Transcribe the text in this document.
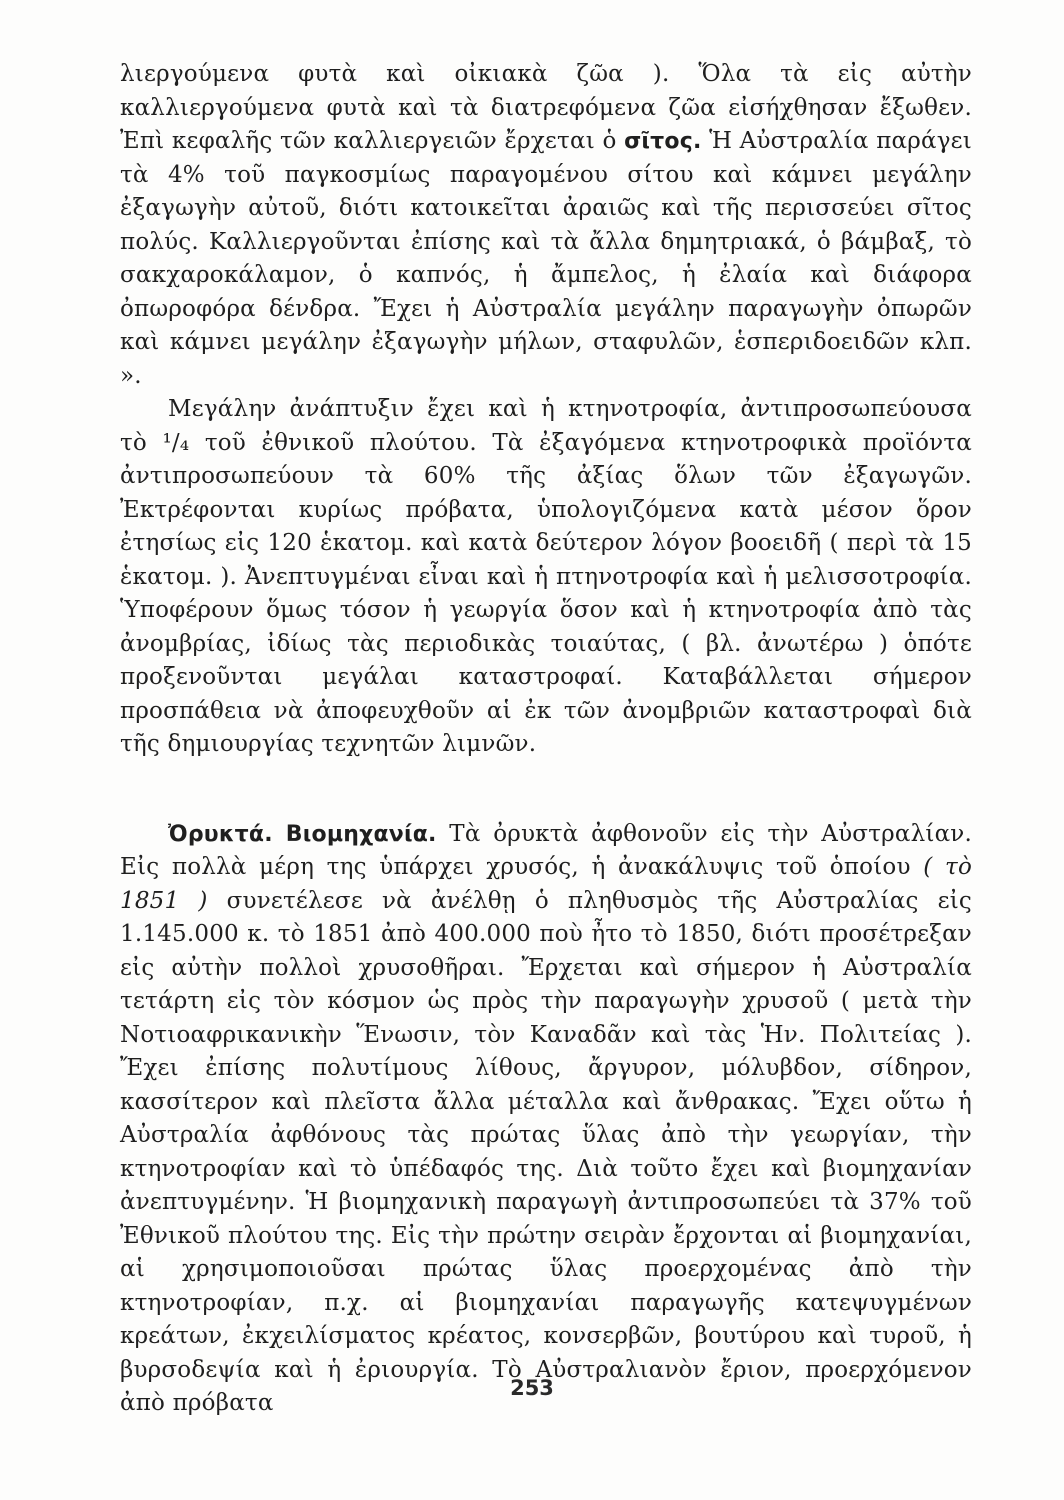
λιεργούμενα φυτὰ καὶ οἰκιακὰ ζῶα ). Ὅλα τὰ εἰς αὐτὴν καλλιεργούμενα φυτὰ καὶ τὰ διατρεφόμενα ζῶα εἰσήχθησαν ἔξωθεν. Ἐπὶ κεφαλῆς τῶν καλλιεργειῶν ἔρχεται ὁ σῖτος. Ἡ Αὐστραλία παράγει τὰ 4% τοῦ παγκοσμίως παραγομένου σίτου καὶ κάμνει μεγάλην ἐξαγωγὴν αὐτοῦ, διότι κατοικεῖται ἀραιῶς καὶ τῆς περισσεύει σῖτος πολύς. Καλλιεργοῦνται ἐπίσης καὶ τὰ ἄλλα δημητριακά, ὁ βάμβαξ, τὸ σακχαροκάλαμον, ὁ καπνός, ἡ ἄμπελος, ἡ ἐλαία καὶ διάφορα ὀπωροφόρα δένδρα. Ἔχει ἡ Αὐστραλία μεγάλην παραγωγὴν ὀπωρῶν καὶ κάμνει μεγάλην ἐξαγωγὴν μήλων, σταφυλῶν, ἑσπεριδοειδῶν κλπ. ».

Μεγάλην ἀνάπτυξιν ἔχει καὶ ἡ κτηνοτροφία, ἀντιπροσωπεύουσα τὸ ¹/₄ τοῦ ἐθνικοῦ πλούτου. Τὰ ἐξαγόμενα κτηνοτροφικὰ προϊόντα ἀντιπροσωπεύουν τὰ 60% τῆς ἀξίας ὅλων τῶν ἐξαγωγῶν. Ἐκτρέφονται κυρίως πρόβατα, ὑπολογιζόμενα κατὰ μέσον ὅρον ἐτησίως εἰς 120 ἑκατομ. καὶ κατὰ δεύτερον λόγον βοοειδῆ ( περὶ τὰ 15 ἑκατομ. ). Ἀνεπτυγμέναι εἶναι καὶ ἡ πτηνοτροφία καὶ ἡ μελισσοτροφία. Ὑποφέρουν ὅμως τόσον ἡ γεωργία ὅσον καὶ ἡ κτηνοτροφία ἀπὸ τὰς ἀνομβρίας, ἰδίως τὰς περιοδικὰς τοιαύτας, ( βλ. ἀνωτέρω ) ὁπότε προξενοῦνται μεγάλαι καταστροφαί. Καταβάλλεται σήμερον προσπάθεια νὰ ἀποφευχθοῦν αἱ ἐκ τῶν ἀνομβριῶν καταστροφαὶ διὰ τῆς δημιουργίας τεχνητῶν λιμνῶν.

Ὀρυκτά. Βιομηχανία. Τὰ ὀρυκτὰ ἀφθονοῦν εἰς τὴν Αὐστραλίαν. Εἰς πολλὰ μέρη της ὑπάρχει χρυσός, ἡ ἀνακάλυψις τοῦ ὁποίου ( τὸ 1851 ) συνετέλεσε νὰ ἀνέλθῃ ὁ πληθυσμὸς τῆς Αὐστραλίας εἰς 1.145.000 κ. τὸ 1851 ἀπὸ 400.000 ποὺ ἦτο τὸ 1850, διότι προσέτρεξαν εἰς αὐτὴν πολλοὶ χρυσοθῆραι. Ἔρχεται καὶ σήμερον ἡ Αὐστραλία τετάρτη εἰς τὸν κόσμον ὡς πρὸς τὴν παραγωγὴν χρυσοῦ ( μετὰ τὴν Νοτιοαφρικανικὴν Ἕνωσιν, τὸν Καναδᾶν καὶ τὰς Ἡν. Πολιτείας ). Ἔχει ἐπίσης πολυτίμους λίθους, ἄργυρον, μόλυβδον, σίδηρον, κασσίτερον καὶ πλεῖστα ἄλλα μέταλλα καὶ ἄνθρακας. Ἔχει οὕτω ἡ Αὐστραλία ἀφθόνους τὰς πρώτας ὕλας ἀπὸ τὴν γεωργίαν, τὴν κτηνοτροφίαν καὶ τὸ ὑπέδαφός της. Διὰ τοῦτο ἔχει καὶ βιομηχανίαν ἀνεπτυγμένην. Ἡ βιομηχανικὴ παραγωγὴ ἀντιπροσωπεύει τὰ 37% τοῦ Ἐθνικοῦ πλούτου της. Εἰς τὴν πρώτην σειρὰν ἔρχονται αἱ βιομηχανίαι, αἱ χρησιμοποιοῦσαι πρώτας ὕλας προερχομένας ἀπὸ τὴν κτηνοτροφίαν, π.χ. αἱ βιομηχανίαι παραγωγῆς κατεψυγμένων κρεάτων, ἐκχειλίσματος κρέατος, κονσερβῶν, βουτύρου καὶ τυροῦ, ἡ βυρσοδεψία καὶ ἡ ἐριουργία. Τὸ Αὐστραλιανὸν ἔριον, προερχόμενον ἀπὸ πρόβατα

253
